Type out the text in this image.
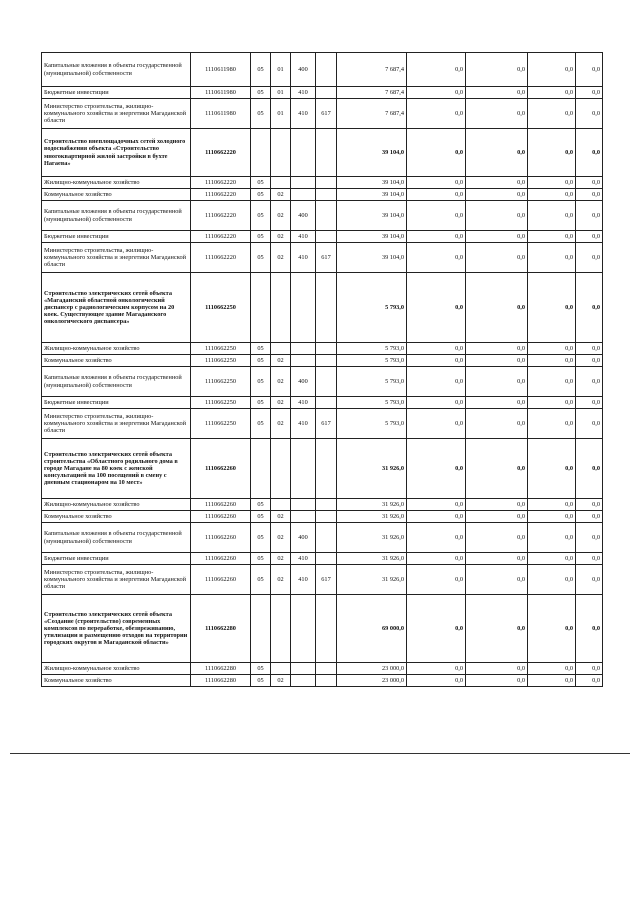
Капитальные вложения в объекты государственной (муниципальной) собственности	1110611980	05	01	400		7 687,4	0,0	0,0	0,0	0,0
Бюджетные инвестиции	1110611980	05	01	410		7 687,4	0,0	0,0	0,0	0,0
Министерство строительства, жилищно-коммунального хозяйства и энергетики Магаданской области	1110611980	05	01	410	617	7 687,4	0,0	0,0	0,0	0,0
Строительство внеплощадочных сетей холодного водоснабжения объекта «Строительство многоквартирной жилой застройки в бухте Нагаева»	1110662220					39 104,0	0,0	0,0	0,0	0,0
Жилищно-коммунальное хозяйство	1110662220	05				39 104,0	0,0	0,0	0,0	0,0
Коммунальное хозяйство	1110662220	05	02			39 104,0	0,0	0,0	0,0	0,0
Капитальные вложения в объекты государственной (муниципальной) собственности	1110662220	05	02	400		39 104,0	0,0	0,0	0,0	0,0
Бюджетные инвестиции	1110662220	05	02	410		39 104,0	0,0	0,0	0,0	0,0
Министерство строительства, жилищно-коммунального хозяйства и энергетики Магаданской области	1110662220	05	02	410	617	39 104,0	0,0	0,0	0,0	0,0
Строительство электрических сетей объекта «Магаданский областной онкологический диспансер с радиологическим корпусом на 20 коек. Существующее здание Магаданского онкологического диспансера»	1110662250					5 793,0	0,0	0,0	0,0	0,0
Жилищно-коммунальное хозяйство	1110662250	05				5 793,0	0,0	0,0	0,0	0,0
Коммунальное хозяйство	1110662250	05	02			5 793,0	0,0	0,0	0,0	0,0
Капитальные вложения в объекты государственной (муниципальной) собственности	1110662250	05	02	400		5 793,0	0,0	0,0	0,0	0,0
Бюджетные инвестиции	1110662250	05	02	410		5 793,0	0,0	0,0	0,0	0,0
Министерство строительства, жилищно-коммунального хозяйства и энергетики Магаданской области	1110662250	05	02	410	617	5 793,0	0,0	0,0	0,0	0,0
Строительство электрических сетей объекта строительства «Областного родильного дома в городе Магадане на 80 коек с женской консультацией на 100 посещений в смену с дневным стационаром на 10 мест»	1110662260					31 926,0	0,0	0,0	0,0	0,0
Жилищно-коммунальное хозяйство	1110662260	05				31 926,0	0,0	0,0	0,0	0,0
Коммунальное хозяйство	1110662260	05	02			31 926,0	0,0	0,0	0,0	0,0
Капитальные вложения в объекты государственной (муниципальной) собственности	1110662260	05	02	400		31 926,0	0,0	0,0	0,0	0,0
Бюджетные инвестиции	1110662260	05	02	410		31 926,0	0,0	0,0	0,0	0,0
Министерство строительства, жилищно-коммунального хозяйства и энергетики Магаданской области	1110662260	05	02	410	617	31 926,0	0,0	0,0	0,0	0,0
Строительство электрических сетей объекта «Создание (строительство) современных комплексов по переработке, обезвреживанию, утилизации и размещению отходов на территории городских округов и Магаданской области»	1110662280					69 000,0	0,0	0,0	0,0	0,0
Жилищно-коммунальное хозяйство	1110662280	05				23 000,0	0,0	0,0	0,0	0,0
Коммунальное хозяйство	1110662280	05	02			23 000,0	0,0	0,0	0,0	0,0
